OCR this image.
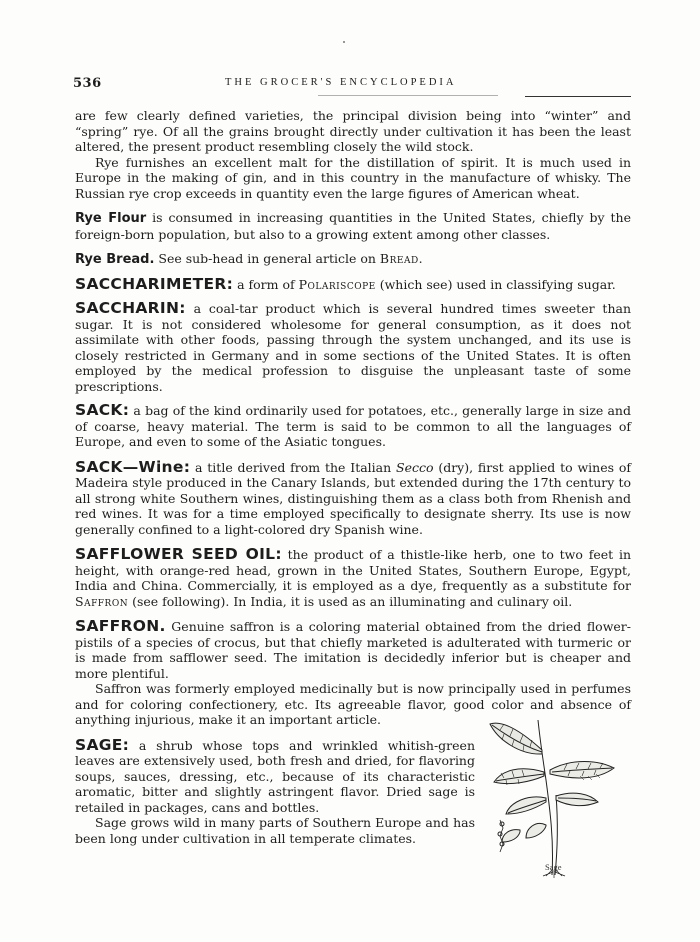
536	THE GROCER'S ENCYCLOPEDIA

are few clearly defined varieties, the principal division being into “winter” and “spring” rye. Of all the grains brought directly under cultivation it has been the least altered, the present product resembling closely the wild stock.

Rye furnishes an excellent malt for the distillation of spirit. It is much used in Europe in the making of gin, and in this country in the manufacture of whisky. The Russian rye crop exceeds in quantity even the large figures of American wheat.

Rye Flour is consumed in increasing quantities in the United States, chiefly by the foreign-born population, but also to a growing extent among other classes.

Rye Bread. See sub-head in general article on Bread.

SACCHARIMETER: a form of Polariscope (which see) used in classifying sugar.

SACCHARIN: a coal-tar product which is several hundred times sweeter than sugar. It is not considered wholesome for general consumption, as it does not assimilate with other foods, passing through the system unchanged, and its use is closely restricted in Germany and in some sections of the United States. It is often employed by the medical profession to disguise the unpleasant taste of some prescriptions.

SACK: a bag of the kind ordinarily used for potatoes, etc., generally large in size and of coarse, heavy material. The term is said to be common to all the languages of Europe, and even to some of the Asiatic tongues.

SACK—Wine: a title derived from the Italian Secco (dry), first applied to wines of Madeira style produced in the Canary Islands, but extended during the 17th century to all strong white Southern wines, distinguishing them as a class both from Rhenish and red wines. It was for a time employed specifically to designate sherry. Its use is now generally confined to a light-colored dry Spanish wine.

SAFFLOWER SEED OIL: the product of a thistle-like herb, one to two feet in height, with orange-red head, grown in the United States, Southern Europe, Egypt, India and China. Commercially, it is employed as a dye, frequently as a substitute for Saffron (see following). In India, it is used as an illuminating and culinary oil.

SAFFRON. Genuine saffron is a coloring material obtained from the dried flower-pistils of a species of crocus, but that chiefly marketed is adulterated with turmeric or is made from safflower seed. The imitation is decidedly inferior but is cheaper and more plentiful.

Saffron was formerly employed medicinally but is now principally used in perfumes and for coloring confectionery, etc. Its agreeable flavor, good color and absence of anything injurious, make it an important article.

SAGE: a shrub whose tops and wrinkled whitish-green leaves are extensively used, both fresh and dried, for flavoring soups, sauces, dressing, etc., because of its characteristic aromatic, bitter and slightly astringent flavor. Dried sage is retailed in packages, cans and bottles.

Sage grows wild in many parts of Southern Europe and has been long under cultivation in all temperate climates.

Sage
